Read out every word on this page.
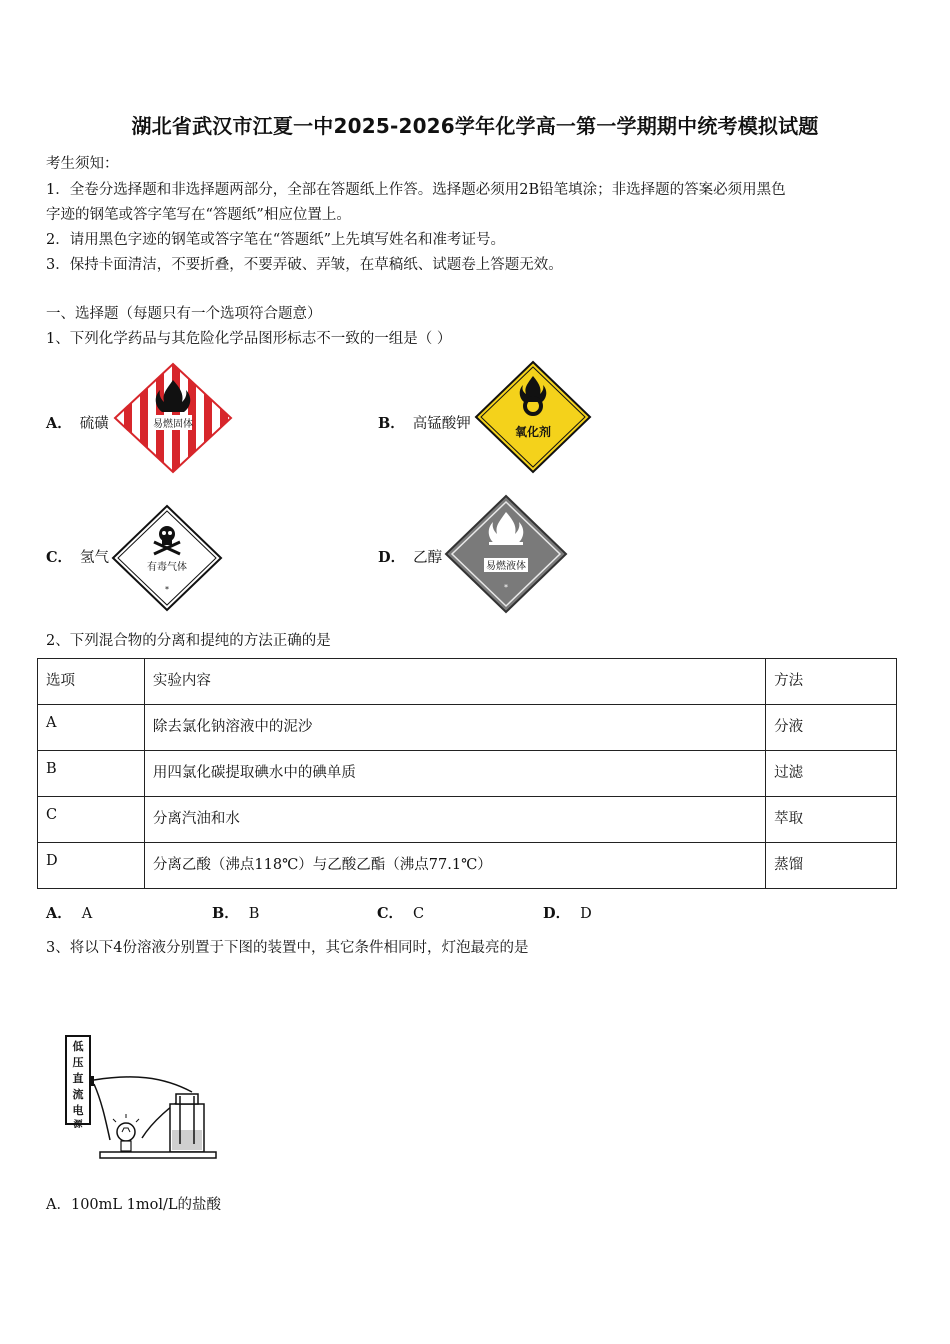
湖北省武汉市江夏一中2025-2026学年化学高一第一学期期中统考模拟试题
考生须知：
1．全卷分选择题和非选择题两部分，全部在答题纸上作答。选择题必须用2B铅笔填涂；非选择题的答案必须用黑色
字迹的钢笔或答字笔写在“答题纸”相应位置上。
2．请用黑色字迹的钢笔或答字笔在“答题纸”上先填写姓名和准考证号。
3．保持卡面清洁，不要折叠，不要弄破、弄皱，在草稿纸、试题卷上答题无效。
一、选择题（每题只有一个选项符合题意）
1、下列化学药品与其危险化学品图形标志不一致的一组是（ ）
A． 硫磺	易燃固体	B． 高锰酸钾	氧化剂
C． 氢气
有毒气体
*
D． 乙醇
易燃液体
*
2、下列混合物的分离和提纯的方法正确的是
选项	实验内容	方法
A	除去氯化钠溶液中的泥沙	分液
B	用四氯化碳提取碘水中的碘单质	过滤
C	分离汽油和水	萃取
D	分离乙酸（沸点118℃）与乙酸乙酯（沸点77.1℃）	蒸馏
A． A	B． B	C． C	D． D
3、将以下4份溶液分别置于下图的装置中，其它条件相同时，灯泡最亮的是
低
压
直
流
电
源
A．100mL 1mol/L的盐酸
